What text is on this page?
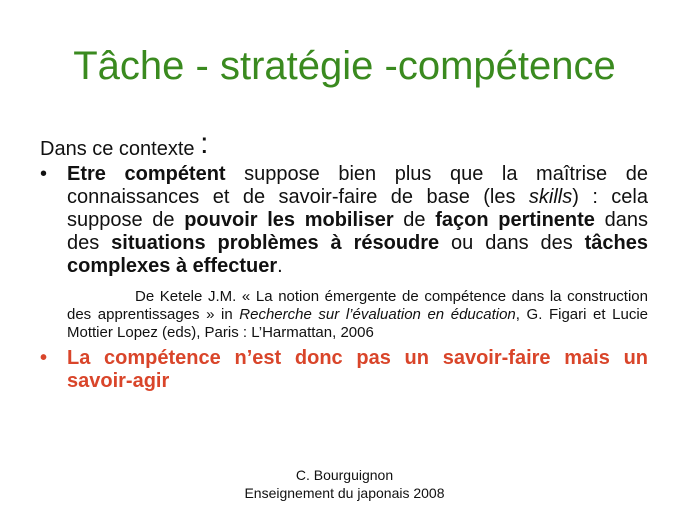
Tâche - stratégie -compétence
Dans ce contexte :
• Etre compétent suppose bien plus que la maîtrise de connaissances et de savoir-faire de base (les skills) : cela suppose de pouvoir les mobiliser de façon pertinente dans des situations problèmes à résoudre ou dans des tâches complexes à effectuer.
De Ketele J.M. « La notion émergente de compétence dans la construction des apprentissages » in Recherche sur l’évaluation en éducation, G. Figari et Lucie Mottier Lopez (eds), Paris : L’Harmattan, 2006
• La compétence n’est donc pas un savoir-faire mais un savoir-agir
C. Bourguignon
Enseignement du japonais 2008
